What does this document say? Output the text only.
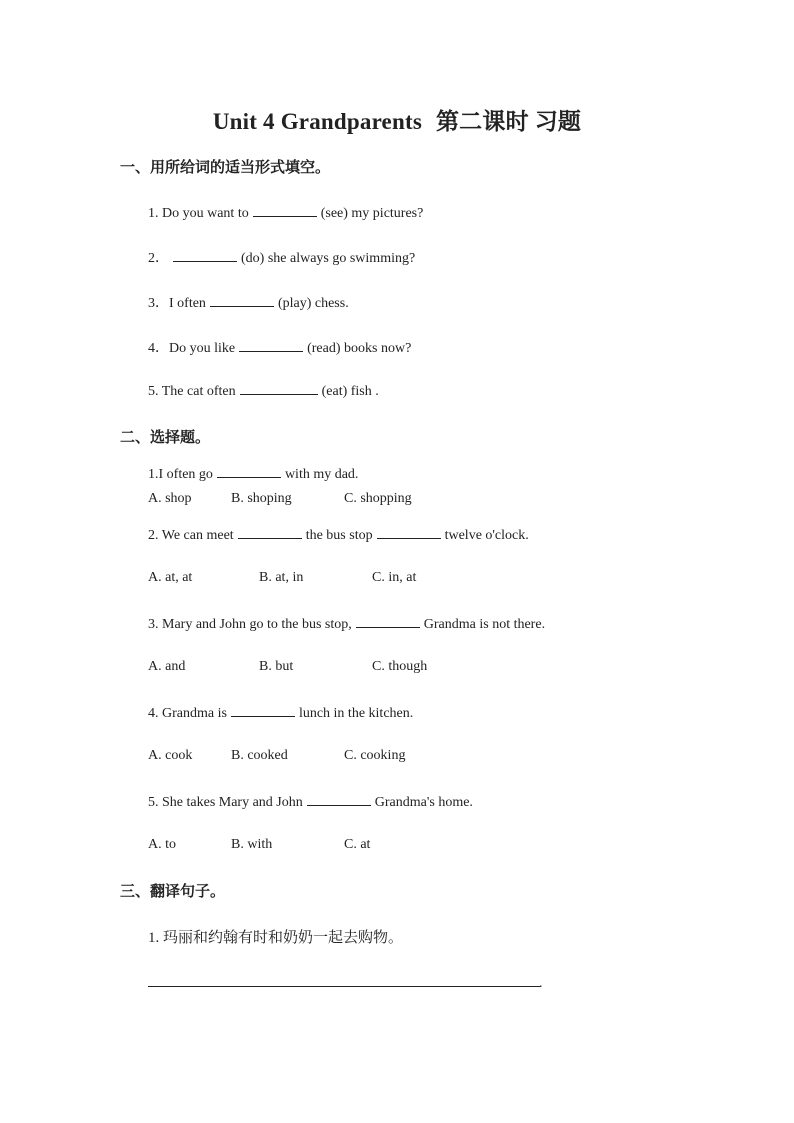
Unit 4 Grandparents 第二课时 习题
一、用所给词的适当形式填空。
1. Do you want to	(see) my pictures?
2．	(do) she always go swimming?
3．I often	(play) chess.
4．Do you like	(read) books now?
5. The cat often	(eat) fish .
二、选择题。
1.I often go	with my dad.
A. shop	B. shoping	C. shopping
2. We can meet	the bus stop	twelve o'clock.
A. at, at	B. at, in	C. in, at
3. Mary and John go to the bus stop,	Grandma is not there.
A. and	B. but	C. though
4. Grandma is	lunch in the kitchen.
A. cook	B. cooked	C. cooking
5. She takes Mary and John	Grandma's home.
A. to	B. with	C. at
三、翻译句子。
1. 玛丽和约翰有时和奶奶一起去购物。
.
